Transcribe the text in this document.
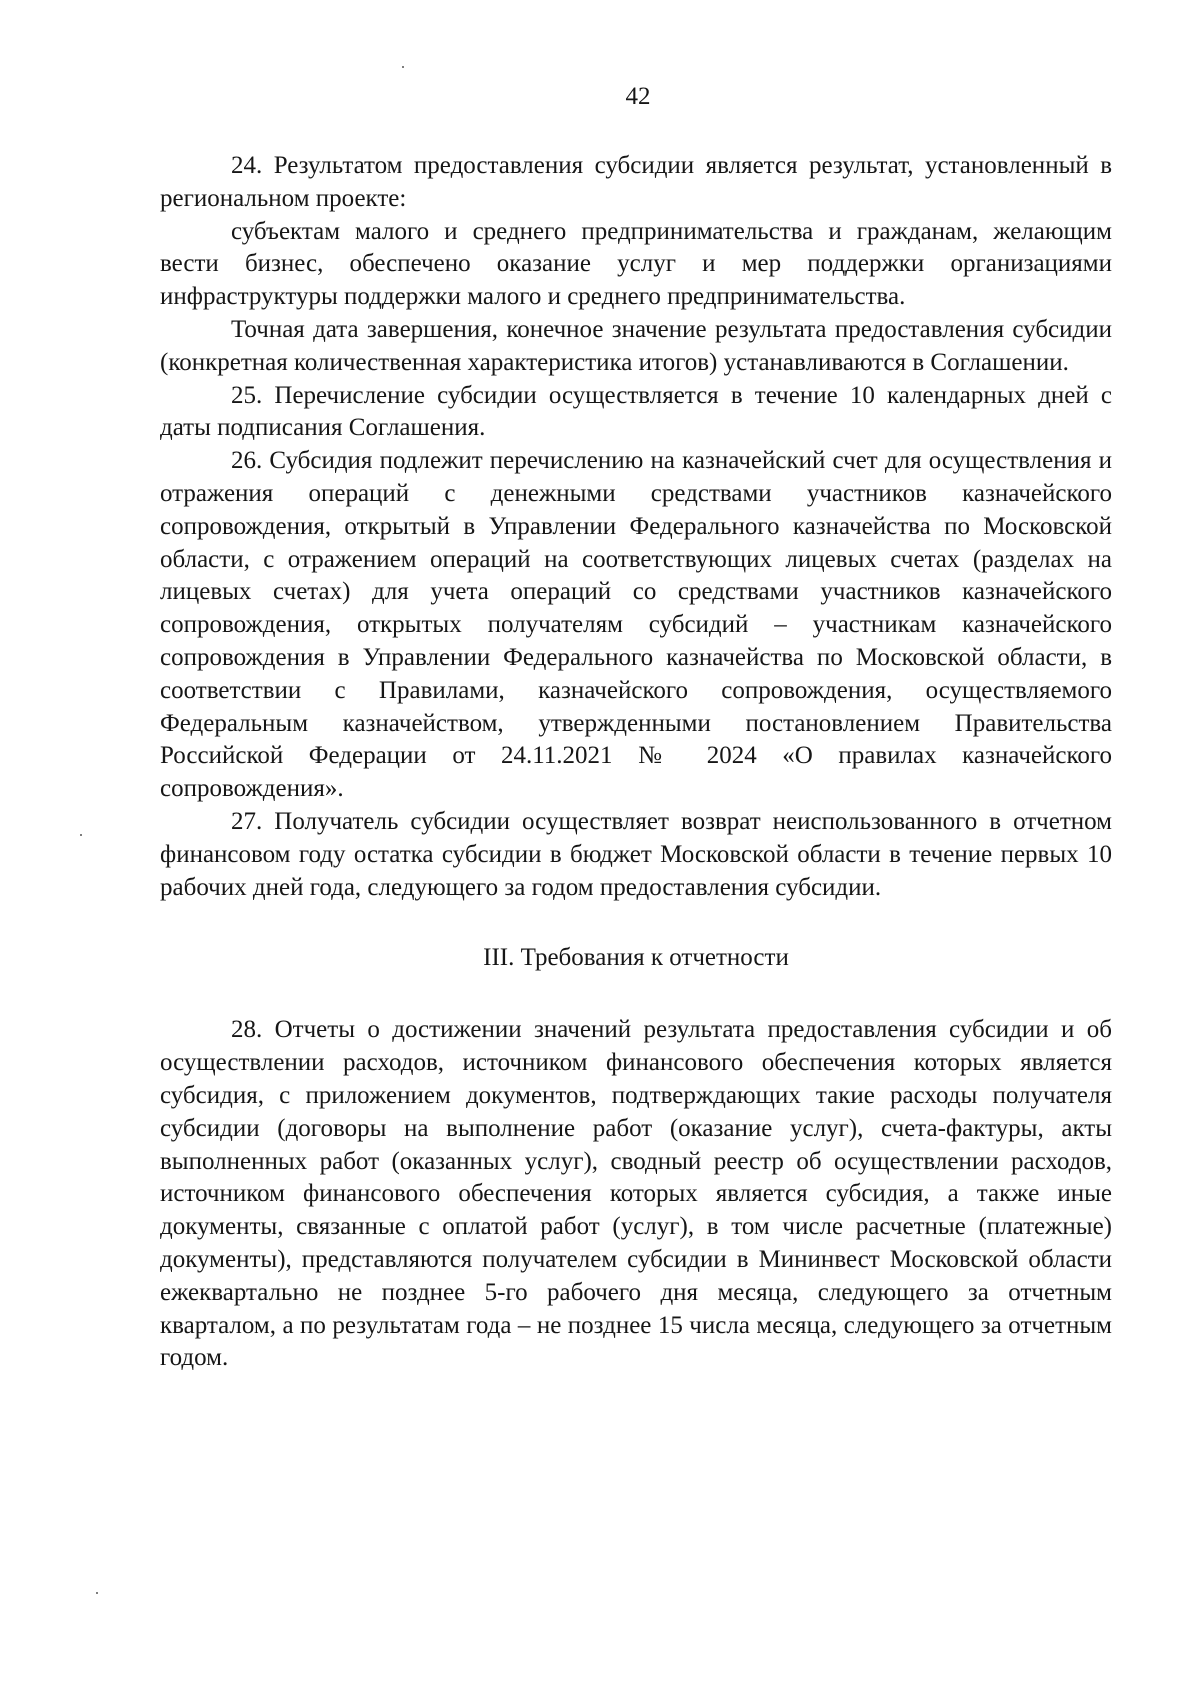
42

24. Результатом предоставления субсидии является результат, установленный в региональном проекте:

субъектам малого и среднего предпринимательства и гражданам, желающим вести бизнес, обеспечено оказание услуг и мер поддержки организациями инфраструктуры поддержки малого и среднего предпринимательства.

Точная дата завершения, конечное значение результата предоставления субсидии (конкретная количественная характеристика итогов) устанавливаются в Соглашении.

25. Перечисление субсидии осуществляется в течение 10 календарных дней с даты подписания Соглашения.

26. Субсидия подлежит перечислению на казначейский счет для осуществления и отражения операций с денежными средствами участников казначейского сопровождения, открытый в Управлении Федерального казначейства по Московской области, с отражением операций на соответствующих лицевых счетах (разделах на лицевых счетах) для учета операций со средствами участников казначейского сопровождения, открытых получателям субсидий – участникам казначейского сопровождения в Управлении Федерального казначейства по Московской области, в соответствии с Правилами, казначейского сопровождения, осуществляемого Федеральным казначейством, утвержденными постановлением Правительства Российской Федерации от 24.11.2021 № 2024 «О правилах казначейского сопровождения».

27. Получатель субсидии осуществляет возврат неиспользованного в отчетном финансовом году остатка субсидии в бюджет Московской области в течение первых 10 рабочих дней года, следующего за годом предоставления субсидии.

III. Требования к отчетности

28. Отчеты о достижении значений результата предоставления субсидии и об осуществлении расходов, источником финансового обеспечения которых является субсидия, с приложением документов, подтверждающих такие расходы получателя субсидии (договоры на выполнение работ (оказание услуг), счета-фактуры, акты выполненных работ (оказанных услуг), сводный реестр об осуществлении расходов, источником финансового обеспечения которых является субсидия, а также иные документы, связанные с оплатой работ (услуг), в том числе расчетные (платежные) документы), представляются получателем субсидии в Мининвест Московской области ежеквартально не позднее 5-го рабочего дня месяца, следующего за отчетным кварталом, а по результатам года – не позднее 15 числа месяца, следующего за отчетным годом.
